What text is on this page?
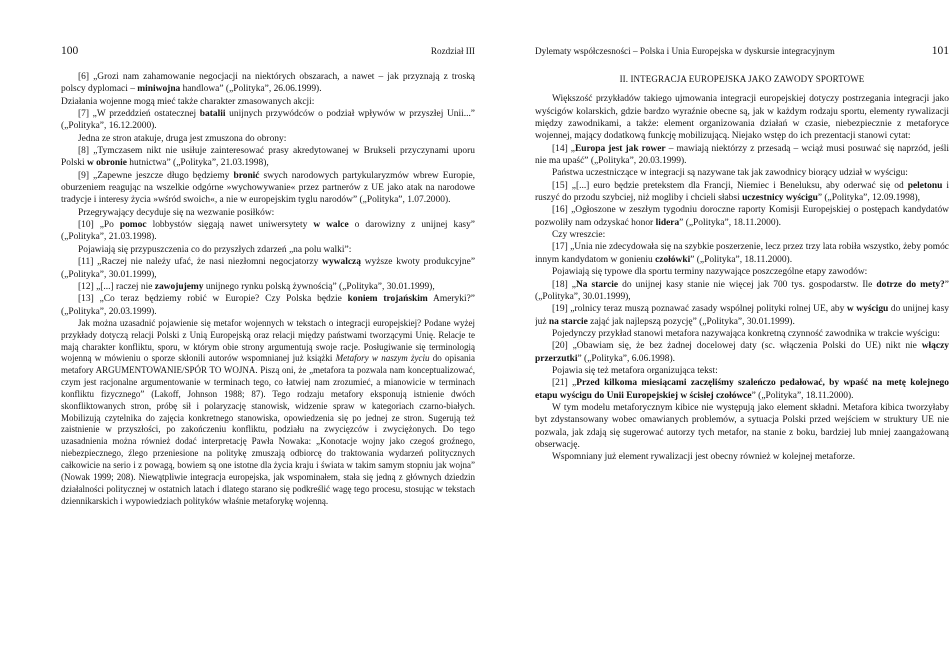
100	Rozdział III

[6] „Grozi nam zahamowanie negocjacji na niektórych obszarach, a nawet – jak przyznają z troską polscy dyplomaci – miniwojna handlowa” („Polityka”, 26.06.1999).

Działania wojenne mogą mieć także charakter zmasowanych akcji:

[7] „W przeddzień ostatecznej batalii unijnych przywódców o podział wpływów w przyszłej Unii...” („Polityka”, 16.12.2000).

Jedna ze stron atakuje, druga jest zmuszona do obrony:

[8] „Tymczasem nikt nie usiłuje zainteresować prasy akredytowanej w Brukseli przyczynami uporu Polski w obronie hutnictwa” („Polityka”, 21.03.1998),

[9] „Zapewne jeszcze długo będziemy bronić swych narodowych partykularyzmów wbrew Europie, oburzeniem reagując na wszelkie odgórne »wychowywanie« przez partnerów z UE jako atak na narodowe tradycje i interesy życia »wśród swoich«, a nie w europejskim tyglu narodów” („Polityka”, 1.07.2000).

Przegrywający decyduje się na wezwanie posiłków:

[10] „Po pomoc lobbystów sięgają nawet uniwersytety w walce o darowizny z unijnej kasy” („Polityka”, 21.03.1998).

Pojawiają się przypuszczenia co do przyszłych zdarzeń „na polu walki”:

[11] „Raczej nie należy ufać, że nasi niezłomni negocjatorzy wywalczą wyższe kwoty produkcyjne” („Polityka”, 30.01.1999),

[12] „[...] raczej nie zawojujemy unijnego rynku polską żywnością” („Polityka”, 30.01.1999),

[13] „Co teraz będziemy robić w Europie? Czy Polska będzie koniem trojańskim Ameryki?” („Polityka”, 20.03.1999).

Jak można uzasadnić pojawienie się metafor wojennych w tekstach o integracji europejskiej? Podane wyżej przykłady dotyczą relacji Polski z Unią Europejską oraz relacji między państwami tworzącymi Unię. Relacje te mają charakter konfliktu, sporu, w którym obie strony argumentują swoje racje. Posługiwanie się terminologią wojenną w mówieniu o sporze skłonili autorów wspomnianej już książki Metafory w naszym życiu do opisania metafory ARGUMENTOWANIE/SPÓR TO WOJNA. Piszą oni, że „metafora ta pozwala nam konceptualizować, czym jest racjonalne argumentowanie w terminach tego, co łatwiej nam zrozumieć, a mianowicie w terminach konfliktu fizycznego” (Lakoff, Johnson 1988; 87). Tego rodzaju metafory eksponują istnienie dwóch skonfliktowanych stron, próbę sił i polaryzację stanowisk, widzenie spraw w kategoriach czarno-białych. Mobilizują czytelnika do zajęcia konkretnego stanowiska, opowiedzenia się po jednej ze stron. Sugerują też zaistnienie w przyszłości, po zakończeniu konfliktu, podziału na zwycięzców i zwyciężonych. Do tego uzasadnienia można również dodać interpretację Pawła Nowaka: „Konotacje wojny jako czegoś groźnego, niebezpiecznego, źlego przeniesione na politykę zmuszają odbiorcę do traktowania wydarzeń politycznych całkowicie na serio i z powagą, bowiem są one istotne dla życia kraju i świata w takim samym stopniu jak wojna” (Nowak 1999; 208). Niewątpliwie integracja europejska, jak wspominałem, stała się jedną z głównych dziedzin działalności politycznej w ostatnich latach i dlatego starano się podkreślić wagę tego procesu, stosując w tekstach dziennikarskich i wypowiedziach polityków właśnie metaforykę wojenną.

Dylematy współczesności – Polska i Unia Europejska w dyskursie integracyjnym	101
II. INTEGRACJA EUROPEJSKA JAKO ZAWODY SPORTOWE

Większość przykładów takiego ujmowania integracji europejskiej dotyczy postrzegania integracji jako wyścigów kolarskich, gdzie bardzo wyraźnie obecne są, jak w każdym rodzaju sportu, elementy rywalizacji między zawodnikami, a także: element organizowania działań w czasie, niebezpiecznie z metaforyce wojennej, mający dodatkową funkcję mobilizującą. Niejako wstęp do ich prezentacji stanowi cytat:

[14] „Europa jest jak rower – mawiają niektórzy z przesadą – wciąż musi posuwać się naprzód, jeśli nie ma upaść” („Polityka”, 20.03.1999).

Państwa uczestniczące w integracji są nazywane tak jak zawodnicy biorący udział w wyścigu:

[15] „[...] euro będzie pretekstem dla Francji, Niemiec i Beneluksu, aby oderwać się od peletonu i ruszyć do przodu szybciej, niż mogliby i chcieli słabsi uczestnicy wyścigu” („Polityka”, 12.09.1998),

[16] „Ogłoszone w zeszłym tygodniu doroczne raporty Komisji Europejskiej o postępach kandydatów pozwoliły nam odzyskać honor lidera” („Polityka”, 18.11.2000).

Czy wreszcie:

[17] „Unia nie zdecydowała się na szybkie poszerzenie, lecz przez trzy lata robiła wszystko, żeby pomóc innym kandydatom w gonieniu czołówki” („Polityka”, 18.11.2000).

Pojawiają się typowe dla sportu terminy nazywające poszczególne etapy zawodów:

[18] „Na starcie do unijnej kasy stanie nie więcej jak 700 tys. gospodarstw. Ile dotrze do mety?” („Polityka”, 30.01.1999),

[19] „rolnicy teraz muszą poznawać zasady wspólnej polityki rolnej UE, aby w wyścigu do unijnej kasy już na starcie zająć jak najlepszą pozycję” („Polityka”, 30.01.1999).

Pojedynczy przykład stanowi metafora nazywająca konkretną czynność zawodnika w trakcie wyścigu:

[20] „Obawiam się, że bez żadnej docelowej daty (sc. włączenia Polski do UE) nikt nie włączy przerzutki” („Polityka”, 6.06.1998).

Pojawia się też metafora organizująca tekst:

[21] „Przed kilkoma miesiącami zaczęliśmy szaleńczo pedałować, by wpaść na metę kolejnego etapu wyścigu do Unii Europejskiej w ścisłej czołówce” („Polityka”, 18.11.2000).

W tym modelu metaforycznym kibice nie występują jako element składni. Metafora kibica tworzyłaby byt zdystansowany wobec omawianych problemów, a sytuacja Polski przed wejściem w struktury UE nie pozwala, jak zdają się sugerować autorzy tych metafor, na stanie z boku, bardziej lub mniej zaangażowaną obserwację.

Wspomniany już element rywalizacji jest obecny również w kolejnej metaforze.
